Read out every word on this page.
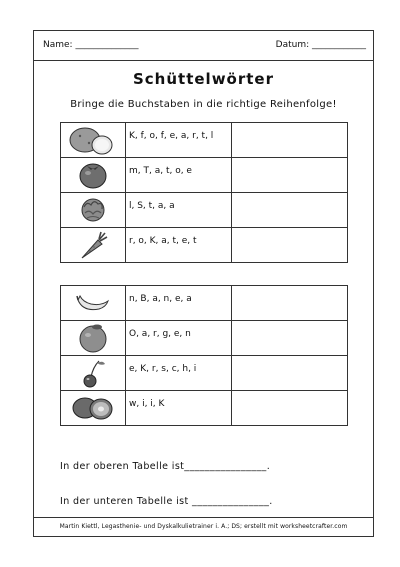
Name: ______________	Datum: ____________
Schüttelwörter
Bringe die Buchstaben in die richtige Reihenfolge!

K, f, o, f, e, a, r, t, l	

m, T, a, t, o, e	

l, S, t, a, a	

r, o, K, a, t, e, t	

n, B, a, n, e, a	

O, a, r, g, e, n	

e, K, r, s, c, h, i	

w, i, i, K	

In der oberen Tabelle ist________________.
In der unteren Tabelle ist _______________.
Martin Kiettl, Legasthenie- und Dyskalkulietrainer i. A.; DS; erstellt mit worksheetcrafter.com
